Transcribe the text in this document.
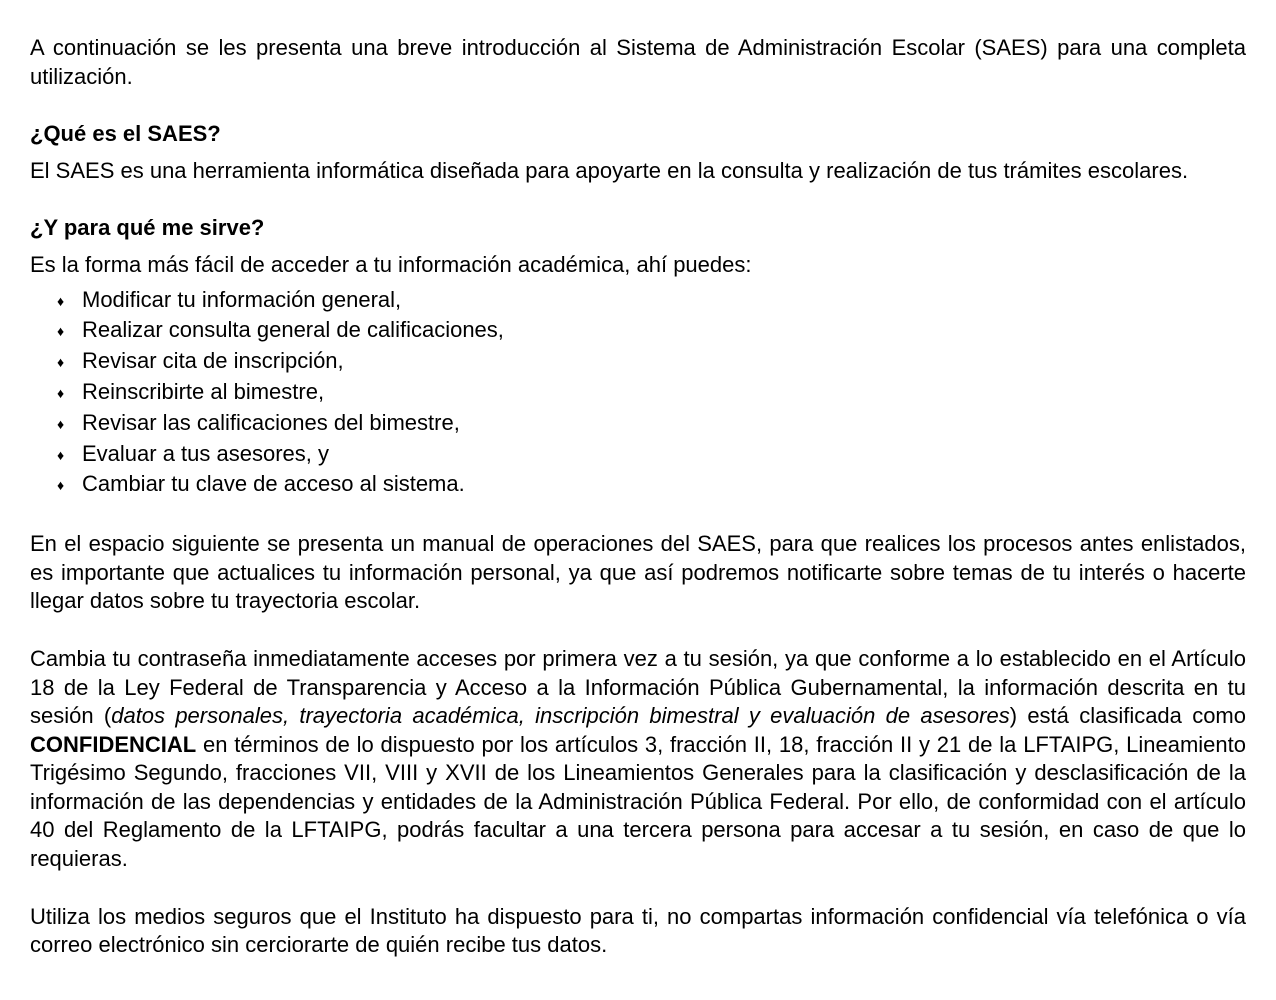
A continuación se les presenta una breve introducción al Sistema de Administración Escolar (SAES) para una completa utilización.

¿Qué es el SAES?

El SAES es una herramienta informática diseñada para apoyarte en la consulta y realización de tus trámites escolares.

¿Y para qué me sirve?

Es la forma más fácil de acceder a tu información académica, ahí puedes:

♦ Modificar tu información general,
♦ Realizar consulta general de calificaciones,
♦ Revisar cita de inscripción,
♦ Reinscribirte al bimestre,
♦ Revisar las calificaciones del bimestre,
♦ Evaluar a tus asesores, y
♦ Cambiar tu clave de acceso al sistema.

En el espacio siguiente se presenta un manual de operaciones del SAES, para que realices los procesos antes enlistados, es importante que actualices tu información personal, ya que así podremos notificarte sobre temas de tu interés o hacerte llegar datos sobre tu trayectoria escolar.

Cambia tu contraseña inmediatamente acceses por primera vez a tu sesión, ya que conforme a lo establecido en el Artículo 18 de la Ley Federal de Transparencia y Acceso a la Información Pública Gubernamental, la información descrita en tu sesión (datos personales, trayectoria académica, inscripción bimestral y evaluación de asesores) está clasificada como CONFIDENCIAL en términos de lo dispuesto por los artículos 3, fracción II, 18, fracción II y 21 de la LFTAIPG, Lineamiento Trigésimo Segundo, fracciones VII, VIII y XVII de los Lineamientos Generales para la clasificación y desclasificación de la información de las dependencias y entidades de la Administración Pública Federal. Por ello, de conformidad con el artículo 40 del Reglamento de la LFTAIPG, podrás facultar a una tercera persona para accesar a tu sesión, en caso de que lo requieras.

Utiliza los medios seguros que el Instituto ha dispuesto para ti, no compartas información confidencial vía telefónica o vía correo electrónico sin cerciorarte de quién recibe tus datos.
